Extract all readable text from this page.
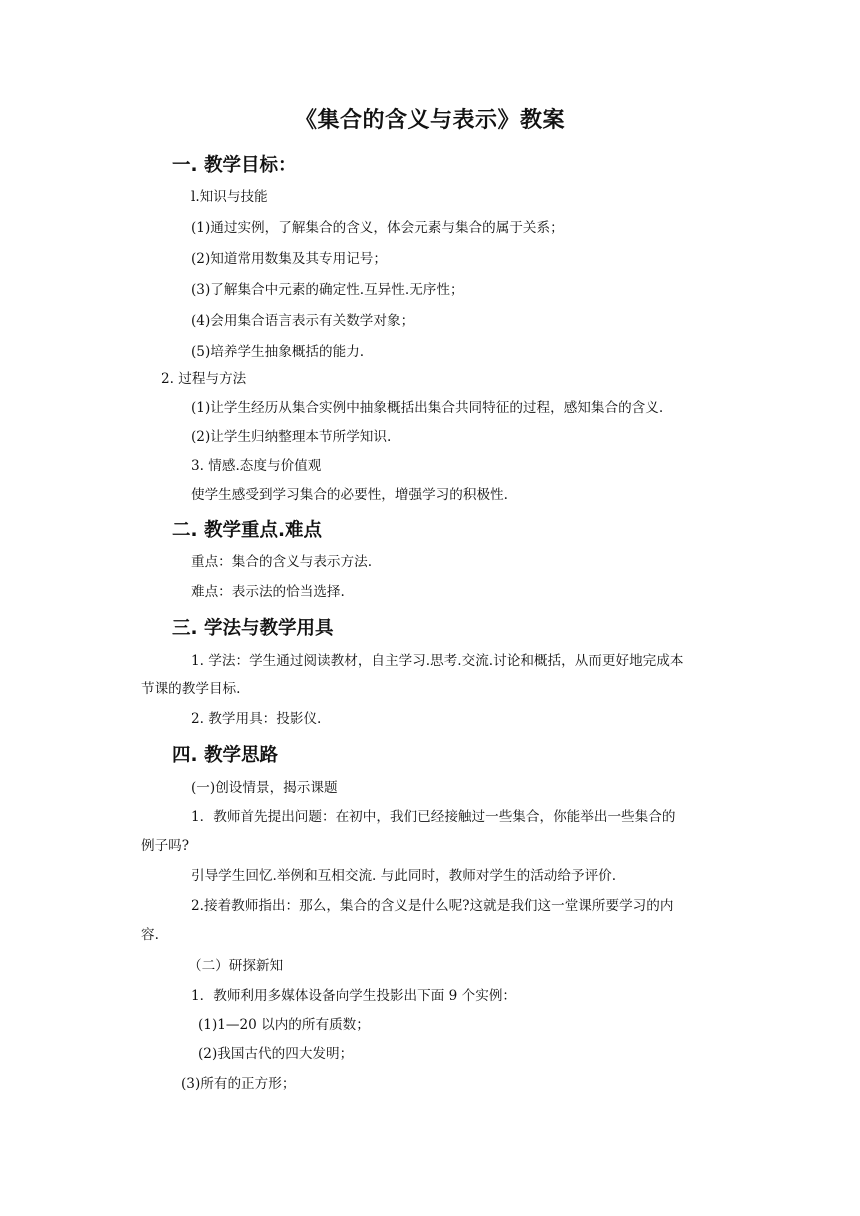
《集合的含义与表示》教案
一. 教学目标：
l.知识与技能
(1)通过实例，了解集合的含义，体会元素与集合的属于关系；
(2)知道常用数集及其专用记号；
(3)了解集合中元素的确定性.互异性.无序性；
(4)会用集合语言表示有关数学对象；
(5)培养学生抽象概括的能力.
2. 过程与方法
(1)让学生经历从集合实例中抽象概括出集合共同特征的过程，感知集合的含义.
(2)让学生归纳整理本节所学知识.
3. 情感.态度与价值观
使学生感受到学习集合的必要性，增强学习的积极性.
二. 教学重点.难点
重点：集合的含义与表示方法.
难点：表示法的恰当选择.
三. 学法与教学用具
1. 学法：学生通过阅读教材，自主学习.思考.交流.讨论和概括，从而更好地完成本
节课的教学目标.
2. 教学用具：投影仪.
四. 教学思路
(一)创设情景，揭示课题
1．教师首先提出问题：在初中，我们已经接触过一些集合，你能举出一些集合的
例子吗?
引导学生回忆.举例和互相交流. 与此同时，教师对学生的活动给予评价.
2.接着教师指出：那么，集合的含义是什么呢?这就是我们这一堂课所要学习的内
容.
（二）研探新知
1．教师利用多媒体设备向学生投影出下面 9 个实例：
(1)1—20 以内的所有质数；
(2)我国古代的四大发明；
(3)所有的正方形；
